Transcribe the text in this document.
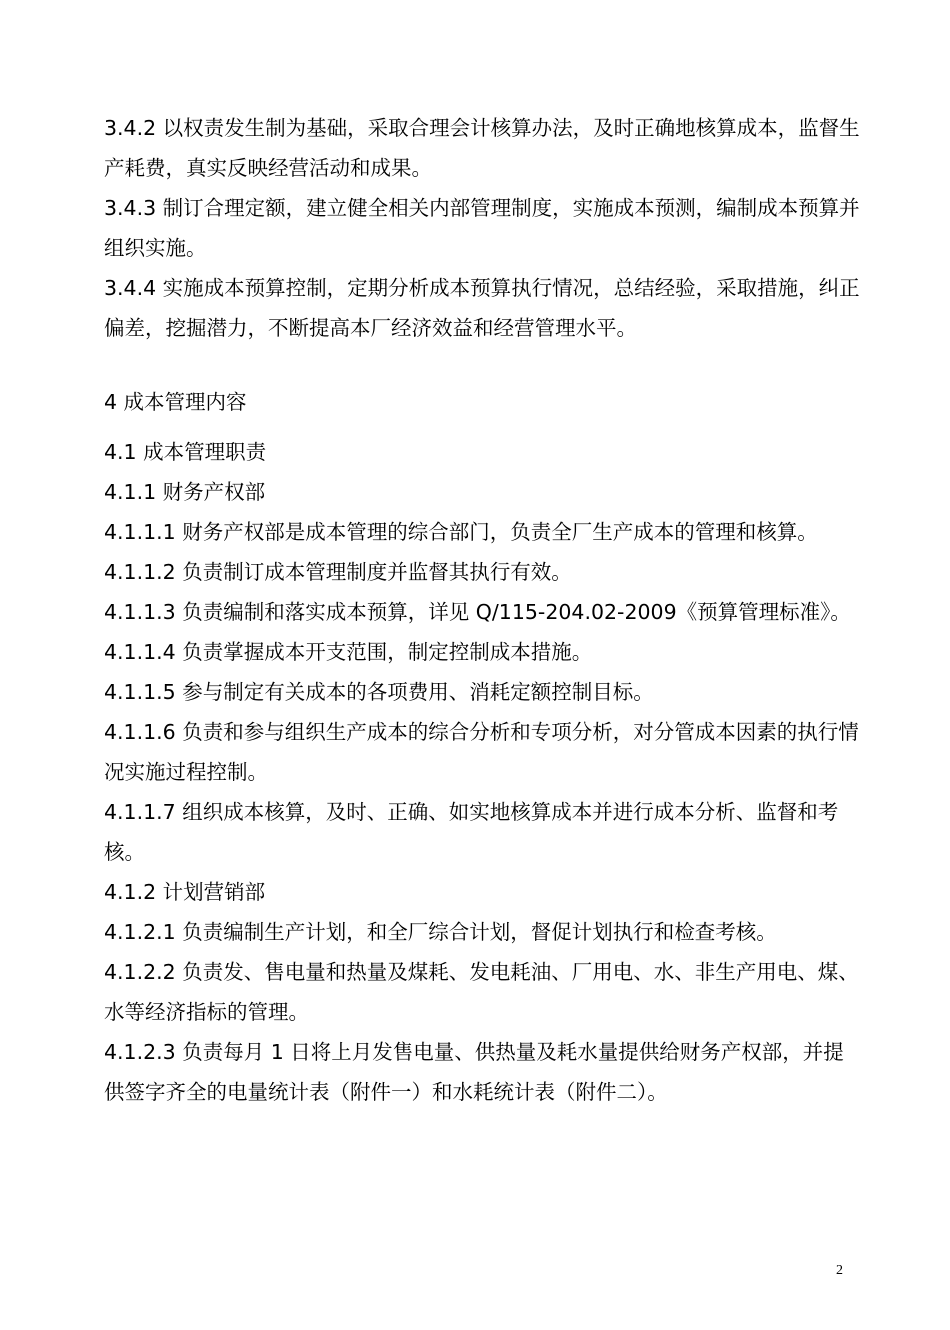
3.4.2 以权责发生制为基础，采取合理会计核算办法，及时正确地核算成本，监督生产耗费，真实反映经营活动和成果。

3.4.3 制订合理定额，建立健全相关内部管理制度，实施成本预测，编制成本预算并组织实施。

3.4.4 实施成本预算控制，定期分析成本预算执行情况，总结经验，采取措施，纠正偏差，挖掘潜力，不断提高本厂经济效益和经营管理水平。

4 成本管理内容

4.1 成本管理职责

4.1.1 财务产权部

4.1.1.1 财务产权部是成本管理的综合部门，负责全厂生产成本的管理和核算。

4.1.1.2 负责制订成本管理制度并监督其执行有效。

4.1.1.3 负责编制和落实成本预算，详见 Q/115-204.02-2009《预算管理标准》。

4.1.1.4 负责掌握成本开支范围，制定控制成本措施。

4.1.1.5 参与制定有关成本的各项费用、消耗定额控制目标。

4.1.1.6 负责和参与组织生产成本的综合分析和专项分析，对分管成本因素的执行情况实施过程控制。

4.1.1.7 组织成本核算，及时、正确、如实地核算成本并进行成本分析、监督和考核。

4.1.2 计划营销部

4.1.2.1 负责编制生产计划，和全厂综合计划，督促计划执行和检查考核。

4.1.2.2 负责发、售电量和热量及煤耗、发电耗油、厂用电、水、非生产用电、煤、水等经济指标的管理。

4.1.2.3 负责每月 1 日将上月发售电量、供热量及耗水量提供给财务产权部，并提供签字齐全的电量统计表（附件一）和水耗统计表（附件二）。

2
